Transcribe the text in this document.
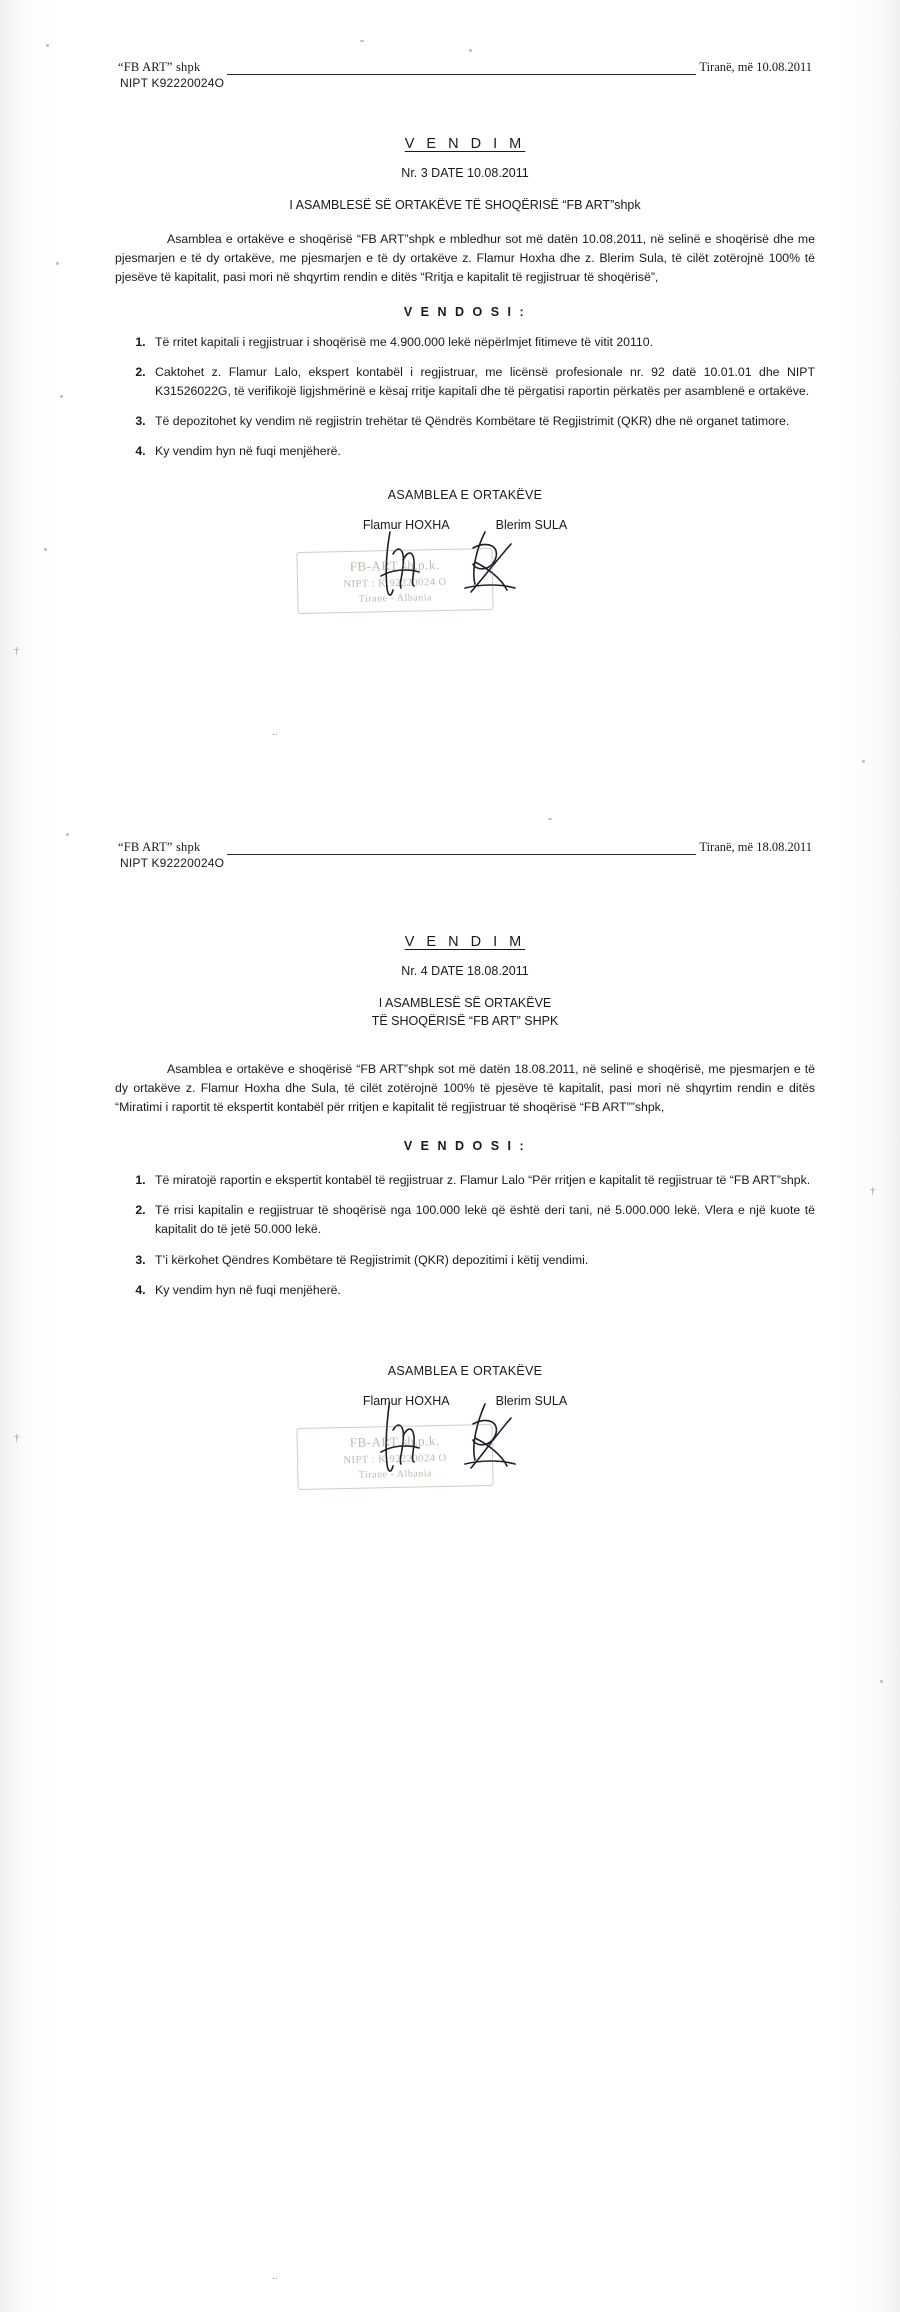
†
†
†
..
..
“FB ART” shpk
NIPT K92220024O
Tiranë, më 10.08.2011
V E N D I M
Nr. 3 DATE 10.08.2011
I ASAMBLESË SË ORTAKËVE TË SHOQËRISË “FB ART”shpk
Asamblea e ortakëve e shoqërisë “FB ART”shpk e mbledhur sot më datën 10.08.2011, në selinë e shoqërisë dhe me pjesmarjen e të dy ortakëve, me pjesmarjen e të dy ortakëve z. Flamur Hoxha dhe z. Blerim Sula, të cilët zotërojnë 100% të pjesëve të kapitalit, pasi mori në shqyrtim rendin e ditës “Rritja e kapitalit të regjistruar të shoqërisë”,
V E N D O S I :
1. Të rritet kapitali i regjistruar i shoqërisë me 4.900.000 lekë nëpërlmjet fitimeve të vitit 20110.
2. Caktohet z. Flamur Lalo, ekspert kontabël i regjistruar, me licënsë profesionale nr. 92 datë 10.01.01 dhe NIPT K31526022G, të verifikojë ligjshmërinë e kësaj rritje kapitali dhe të përgatisi raportin përkatës per asamblenë e ortakëve.
3. Të depozitohet ky vendim në regjistrin trehëtar të Qëndrës Kombëtare të Regjistrimit (QKR) dhe në organet tatimore.
4. Ky vendim hyn në fuqi menjëherë.
ASAMBLEA E ORTAKËVE
Flamur HOXHA	Blerim SULA
FB-ART sh.p.k.
NIPT : K 92220024 O
Tirane - Albania
“FB ART” shpk
NIPT K92220024O
Tiranë, më 18.08.2011
V E N D I M
Nr. 4 DATE 18.08.2011
I ASAMBLESË SË ORTAKËVE
TË SHOQËRISË “FB ART” SHPK
Asamblea e ortakëve e shoqërisë “FB ART”shpk sot më datën 18.08.2011, në selinë e shoqërisë, me pjesmarjen e të dy ortakëve z. Flamur Hoxha dhe Sula, të cilët zotërojnë 100% të pjesëve të kapitalit, pasi mori në shqyrtim rendin e ditës “Miratimi i raportit të ekspertit kontabël për rritjen e kapitalit të regjistruar të shoqërisë “FB ART””shpk,
V E N D O S I :
1. Të miratojë raportin e ekspertit kontabël të regjistruar z. Flamur Lalo “Për rritjen e kapitalit të regjistruar të “FB ART”shpk.
2. Të rrisi kapitalin e regjistruar të shoqërisë nga 100.000 lekë që është deri tani, në 5.000.000 lekë. Vlera e një kuote të kapitalit do të jetë 50.000 lekë.
3. T’i kërkohet Qëndres Kombëtare të Regjistrimit (QKR) depozitimi i këtij vendimi.
4. Ky vendim hyn në fuqi menjëherë.
ASAMBLEA E ORTAKËVE
Flamur HOXHA	Blerim SULA
FB-ART sh.p.k.
NIPT : K 92220024 O
Tirane - Albania
